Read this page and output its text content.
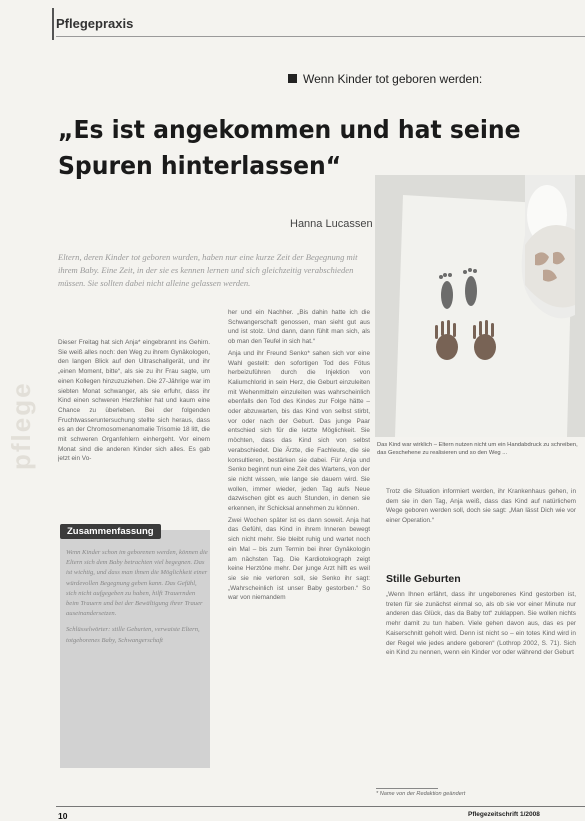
Pflegepraxis
pflege
Wenn Kinder tot geboren werden:
„Es ist angekommen und hat seine
Spuren hinterlassen“
Hanna Lucassen
Eltern, deren Kinder tot geboren wurden, haben nur eine kurze Zeit der Begegnung mit ihrem Baby. Eine Zeit, in der sie es kennen lernen und sich gleichzeitig verabschieden müssen. Sie sollten dabei nicht alleine gelassen werden.

Dieser Freitag hat sich Anja* eingebrannt ins Gehirn. Sie weiß alles noch: den Weg zu ihrem Gynäkologen, den langen Blick auf den Ultraschallgerät, und ihr „einen Moment, bitte“, als sie zu ihr Frau sagte, um einen Kollegen hinzuzuziehen. Die 27-Jährige war im siebten Monat schwanger, als sie erfuhr, dass ihr Kind einen schweren Herzfehler hat und kaum eine Chance zu überleben. Bei der folgenden Fruchtwasseruntersuchung stellte sich heraus, dass es an der Chromosomenanomalie Trisomie 18 litt, die mit schweren Organfehlern einhergeht. Vor einem Monat sind die anderen Kinder sich alles. Es gab jetzt ein Vo-

her und ein Nachher. „Bis dahin hatte ich die Schwangerschaft genossen, man sieht gut aus und ist stolz. Und dann, dann fühlt man sich, als ob man den Teufel in sich hat.“

Anja und ihr Freund Senko* sahen sich vor eine Wahl gestellt: den sofortigen Tod des Fötus herbeizuführen durch die Injektion von Kaliumchlorid in sein Herz, die Geburt einzuleiten mit Wehenmitteln einzuleiten was wahrscheinlich ebenfalls den Tod des Kindes zur Folge hätte – oder abzuwarten, bis das Kind von selbst stirbt, vor oder nach der Geburt. Das junge Paar entschied sich für die letzte Möglichkeit. Sie möchten, dass das Kind sich von selbst verabschiedet. Die Ärzte, die Fachleute, die sie konsultieren, bestärken sie dabei. Für Anja und Senko beginnt nun eine Zeit des Wartens, von der sie nicht wissen, wie lange sie dauern wird. Sie wollen, immer wieder, jeden Tag aufs Neue dazwischen gibt es auch Stunden, in denen sie erkennen, ihr Schicksal annehmen zu können.

Zwei Wochen später ist es dann soweit. Anja hat das Gefühl, das Kind in ihrem Inneren bewegt sich nicht mehr. Sie bleibt ruhig und wartet noch ein Mal – bis zum Termin bei ihrer Gynäkologin am nächsten Tag. Die Kardiotokograph zeigt keine Herztöne mehr. Der junge Arzt hilft es weil sie sie nie verloren soll, sie Senko ihr sagt: „Wahrscheinlich ist unser Baby gestorben.“ So war von niemandem

Zusammenfassung

Wenn Kinder schon im geborenen werden, können die Eltern sich dem Baby betrachten viel begegnen. Das ist wichtig, und dass man ihnen die Möglichkeit einer würdevollen Begegnung geben kann. Das Gefühl, sich nicht aufgegeben zu haben, hilft Trauernden beim Trauern und bei der Bewältigung ihrer Trauer auseinandersetzen.

Schlüsselwörter: stille Geburten, verwaiste Eltern, totgeborenes Baby, Schwangerschaft

Das Kind war wirklich – Eltern nutzen nicht um ein Handabdruck zu schreiben, das Geschehene zu realisieren und so den Weg ...

Trotz die Situation informiert werden, ihr Krankenhaus gehen, in dem sie in den Tag, Anja weiß, dass das Kind auf natürlichem Wege geboren werden soll, doch sie sagt: „Man lässt Dich wie vor einer Operation.“

Stille Geburten

„Wenn Ihnen erfährt, dass ihr ungeborenes Kind gestorben ist, treten für sie zunächst einmal so, als ob sie vor einer Minute nur anderen das Glück, das da Baby tot“ zuklappen. Sie wollen nichts mehr damit zu tun haben. Viele gehen davon aus, das es per Kaiserschnitt geholt wird. Denn ist nicht so – ein totes Kind wird in der Regel wie jedes andere geboren“ (Lothrop 2002, S. 71). Sich ein Kind zu nennen, wenn ein Kinder vor oder während der Geburt

* Name von der Redaktion geändert
10	Pflegezeitschrift 1/2008
